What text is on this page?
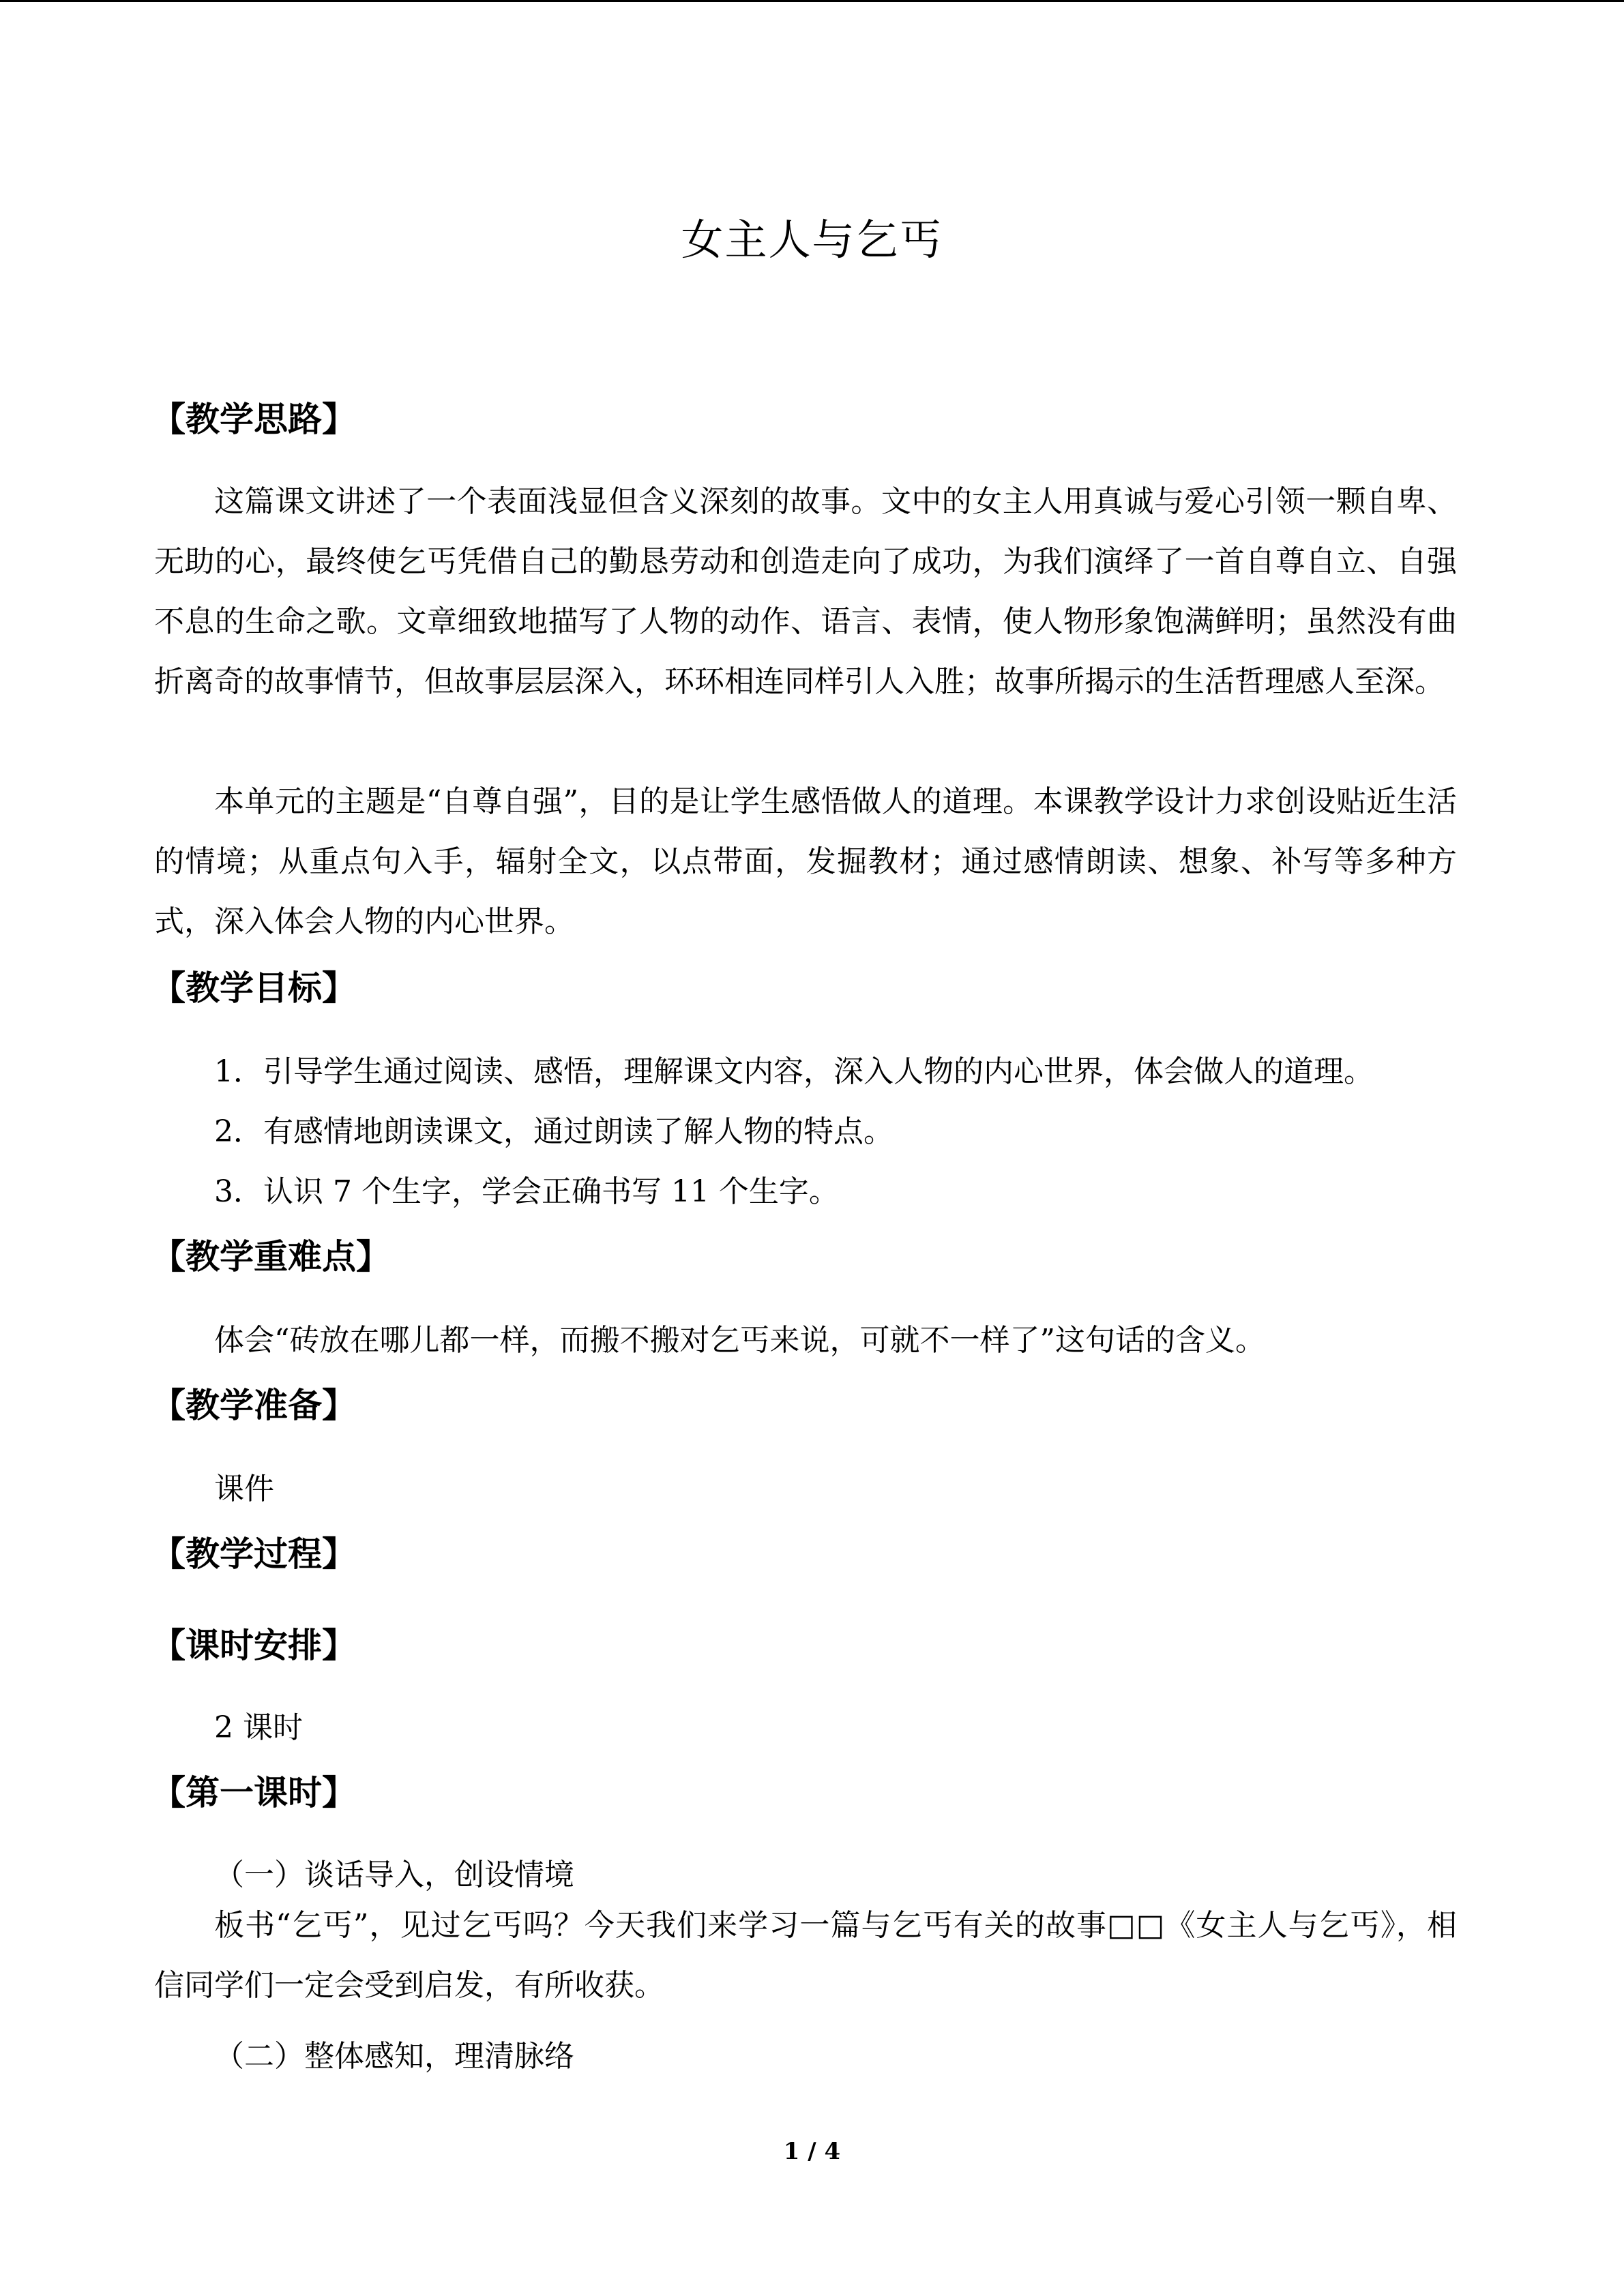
女主人与乞丐
【教学思路】
这篇课文讲述了一个表面浅显但含义深刻的故事。文中的女主人用真诚与爱心引领一颗自卑、无助的心，最终使乞丐凭借自己的勤恳劳动和创造走向了成功，为我们演绎了一首自尊自立、自强不息的生命之歌。文章细致地描写了人物的动作、语言、表情，使人物形象饱满鲜明；虽然没有曲折离奇的故事情节，但故事层层深入，环环相连同样引人入胜；故事所揭示的生活哲理感人至深。
本单元的主题是“自尊自强”，目的是让学生感悟做人的道理。本课教学设计力求创设贴近生活的情境；从重点句入手，辐射全文，以点带面，发掘教材；通过感情朗读、想象、补写等多种方式，深入体会人物的内心世界。
【教学目标】
1．引导学生通过阅读、感悟，理解课文内容，深入人物的内心世界，体会做人的道理。
2．有感情地朗读课文，通过朗读了解人物的特点。
3．认识 7 个生字，学会正确书写 11 个生字。
【教学重难点】
体会“砖放在哪儿都一样，而搬不搬对乞丐来说，可就不一样了”这句话的含义。
【教学准备】
课件
【教学过程】
【课时安排】
2 课时
【第一课时】
（一）谈话导入，创设情境
板书“乞丐”，见过乞丐吗？今天我们来学习一篇与乞丐有关的故事□□《女主人与乞丐》，相信同学们一定会受到启发，有所收获。
（二）整体感知，理清脉络
1 / 4
